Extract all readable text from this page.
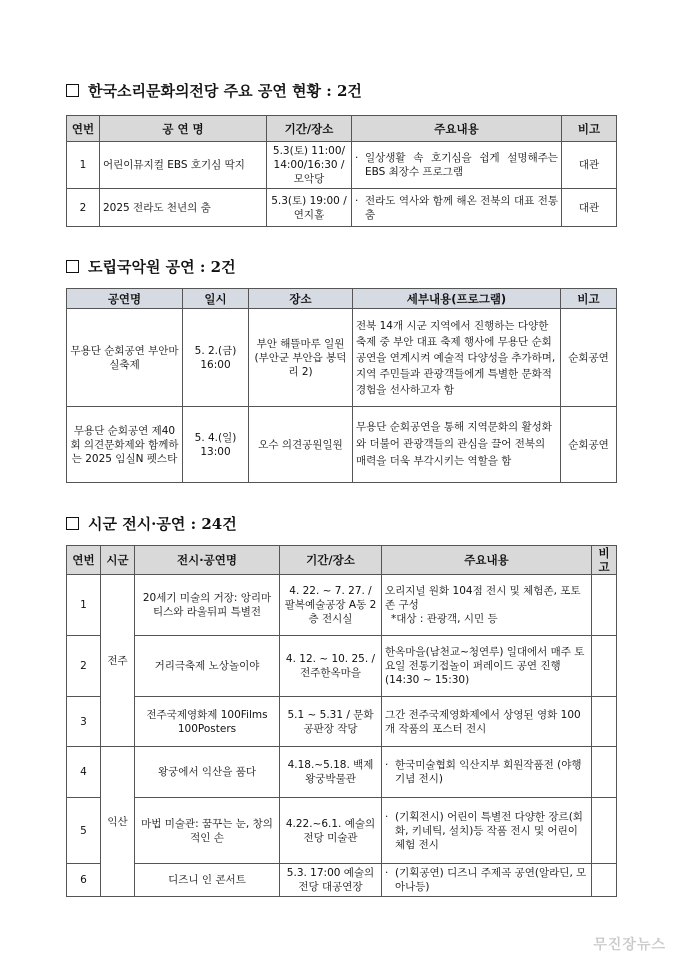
한국소리문화의전당 주요 공연 현황 : 2건
연번	공 연 명	기간/장소	주요내용	비고
1	어린이뮤지컬 EBS 호기심 딱지	5.3(토) 11:00/ 14:00/16:30 /모악당	· 일상생활 속 호기심을 쉽게 설명해주는 EBS 최장수 프로그램	대관
2	2025 전라도 천년의 춤	5.3(토) 19:00 /연지홀	· 전라도 역사와 함께 해온 전북의 대표 전통춤	대관
도립국악원 공연 : 2건
공연명	일시	장소	세부내용(프로그램)	비고
무용단 순회공연 부안마실축제	5. 2.(금) 16:00	부안 해뜰마루 일원 (부안군 부안읍 봉덕리 2)	전북 14개 시군 지역에서 진행하는 다양한 축제 중 부안 대표 축제 행사에 무용단 순회공연을 연계시켜 예술적 다양성을 추가하며, 지역 주민들과 관광객들에게 특별한 문화적 경험을 선사하고자 함	순회공연
무용단 순회공연 제40회 의견문화제와 함께하는 2025 임실N 펫스타	5. 4.(일) 13:00	오수 의견공원일원	무용단 순회공연을 통해 지역문화의 활성화와 더불어 관광객들의 관심을 끌어 전북의 매력을 더욱 부각시키는 역할을 함	순회공연
시군 전시·공연 : 24건
연번	시군	전시·공연명	기간/장소	주요내용	비고
1	전주	20세기 미술의 거장: 앙리마티스와 라울뒤피 특별전	4. 22. ~ 7. 27. / 팔복예술공장 A동 2층 전시실	오리지널 원화 104점 전시 및 체험존, 포토존 구성
*대상 : 관광객, 시민 등	

2		거리극축제 노상놀이야	4. 12. ~ 10. 25. / 전주한옥마을	한옥마을(남천교~청연루) 일대에서 매주 토요일 전통기접놀이 퍼레이드 공연 진행 (14:30 ~ 15:30)	
3		전주국제영화제 100Films 100Posters	5.1 ~ 5.31 / 문화공판장 작당	그간 전주국제영화제에서 상영된 영화 100개 작품의 포스터 전시	
4	익산	왕궁에서 익산을 품다	4.18.~5.18. 백제왕궁박물관	· 한국미술협회 익산지부 회원작품전 (야행기념 전시)	

5		마법 미술관: 꿈꾸는 눈, 창의적인 손	4.22.~6.1. 예술의전당 미술관	· (기획전시) 어린이 특별전 다양한 장르(회화, 키네틱, 설치)등 작품 전시 및 어린이 체험 전시	

6		디즈니 인 콘서트	5.3. 17:00 예술의전당 대공연장	· (기획공연) 디즈니 주제곡 공연(알라딘, 모아나등)	

무진장뉴스
